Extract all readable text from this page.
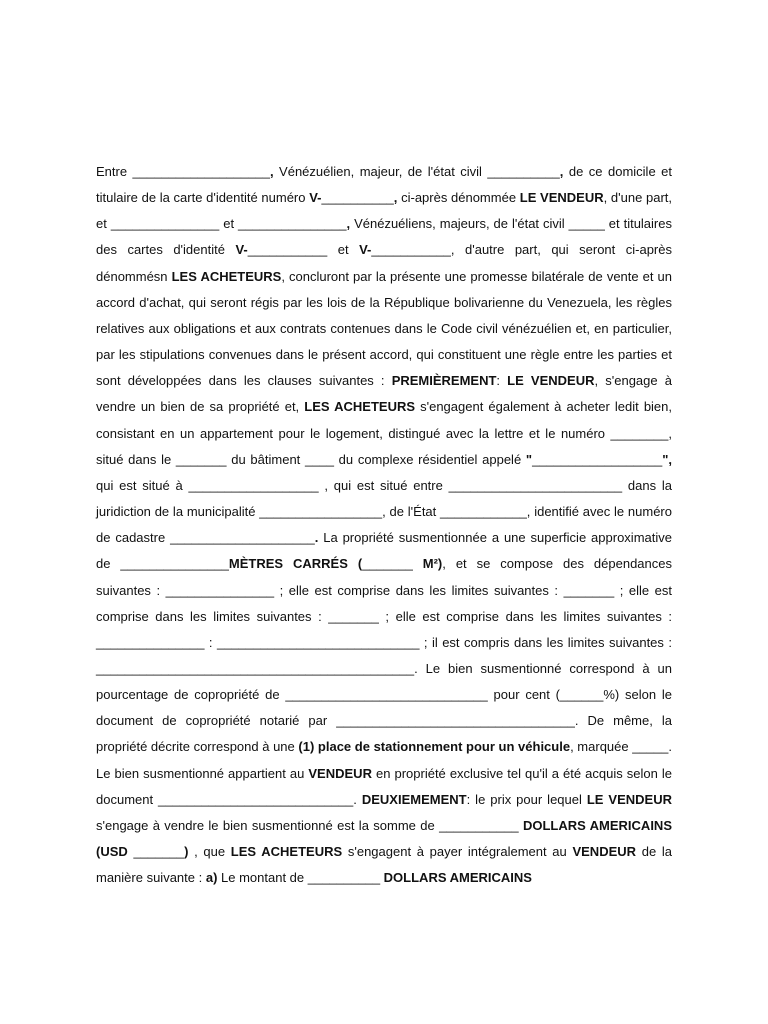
Entre ___________________, Vénézuélien, majeur, de l'état civil __________, de ce domicile et titulaire de la carte d'identité numéro V-__________, ci-après dénommée LE VENDEUR, d'une part, et _______________ et _______________, Vénézuéliens, majeurs, de l'état civil _____ et titulaires des cartes d'identité V-___________ et V-___________, d'autre part, qui seront ci-après dénommésn LES ACHETEURS, concluront par la présente une promesse bilatérale de vente et un accord d'achat, qui seront régis par les lois de la République bolivarienne du Venezuela, les règles relatives aux obligations et aux contrats contenues dans le Code civil vénézuélien et, en particulier, par les stipulations convenues dans le présent accord, qui constituent une règle entre les parties et sont développées dans les clauses suivantes : PREMIÈREMENT: LE VENDEUR, s'engage à vendre un bien de sa propriété et, LES ACHETEURS s'engagent également à acheter ledit bien, consistant en un appartement pour le logement, distingué avec la lettre et le numéro ________, situé dans le _______ du bâtiment ____ du complexe résidentiel appelé "__________________", qui est situé à __________________ , qui est situé entre ________________________ dans la juridiction de la municipalité _________________, de l'État ____________, identifié avec le numéro de cadastre ____________________. La propriété susmentionnée a une superficie approximative de _______________MÈTRES CARRÉS (_______ M²), et se compose des dépendances suivantes : _______________ ; elle est comprise dans les limites suivantes : _______ ; elle est comprise dans les limites suivantes : _______ ; elle est comprise dans les limites suivantes : _______________ : ____________________________ ; il est compris dans les limites suivantes : ____________________________________________. Le bien susmentionné correspond à un pourcentage de copropriété de ____________________________ pour cent (______%) selon le document de copropriété notarié par _________________________________. De même, la propriété décrite correspond à une (1) place de stationnement pour un véhicule, marquée _____. Le bien susmentionné appartient au VENDEUR en propriété exclusive tel qu'il a été acquis selon le document ___________________________. DEUXIEMEMENT: le prix pour lequel LE VENDEUR s'engage à vendre le bien susmentionné est la somme de ___________ DOLLARS AMERICAINS (USD _______) , que LES ACHETEURS s'engagent à payer intégralement au VENDEUR de la manière suivante : a) Le montant de __________ DOLLARS AMERICAINS
